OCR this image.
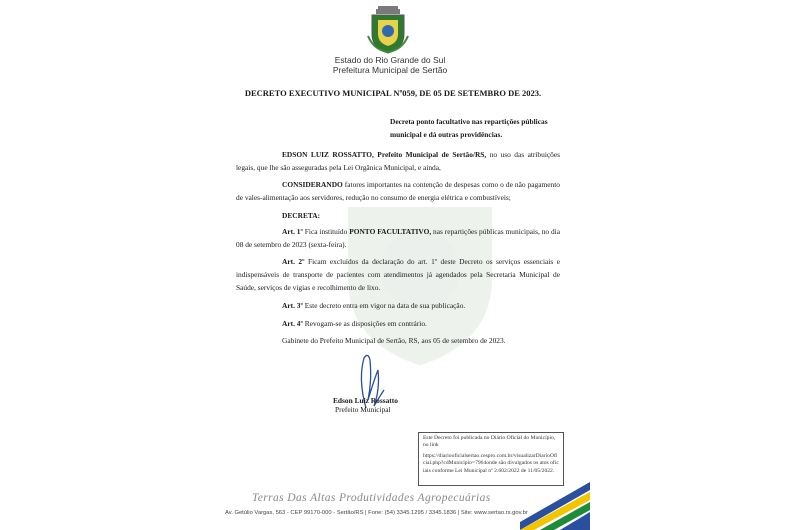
Estado do Rio Grande do Sul
Prefeitura Municipal de Sertão
DECRETO EXECUTIVO MUNICIPAL Nº059, DE 05 DE SETEMBRO DE 2023.
Decreta ponto facultativo nas repartições públicas municipal e dá outras providências.
EDSON LUIZ ROSSATTO, Prefeito Municipal de Sertão/RS, no uso das atribuições legais, que lhe são asseguradas pela Lei Orgânica Municipal, e ainda,
CONSIDERANDO fatores importantes na contenção de despesas como o de não pagamento de vales-alimentação aos servidores, redução no consumo de energia elétrica e combustíveis;
DECRETA:
Art. 1º Fica instituído PONTO FACULTATIVO, nas repartições públicas municipais, no dia 08 de setembro de 2023 (sexta-feira).
Art. 2º Ficam excluídos da declaração do art. 1º deste Decreto os serviços essenciais e indispensáveis de transporte de pacientes com atendimentos já agendados pela Secretaria Municipal de Saúde, serviços de vigias e recolhimento de lixo.
Art. 3º Este decreto entra em vigor na data de sua publicação.
Art. 4º Revogam-se as disposições em contrário.
Gabinete do Prefeito Municipal de Sertão, RS, aos 05 de setembro de 2023.
Edson Luiz Rossatto
Prefeito Municipal
Este Decreto foi publicada no Diário Oficial do Município, no link
https://diariooficialsertao.cespro.com.br/visualizarDiarioOficial.php?cdMunicipio=7964onde são divulgados os atos oficiais conforme Lei Municipal nº 2.602/2022 de 11/05/2022.
Terras Das Altas Produtividades Agropecuárias
Av. Getúlio Vargas, 563 - CEP 99170-000 - Sertão/RS | Fone: (54) 3345.1295 / 3345.1836 | Site: www.sertao.rs.gov.br
